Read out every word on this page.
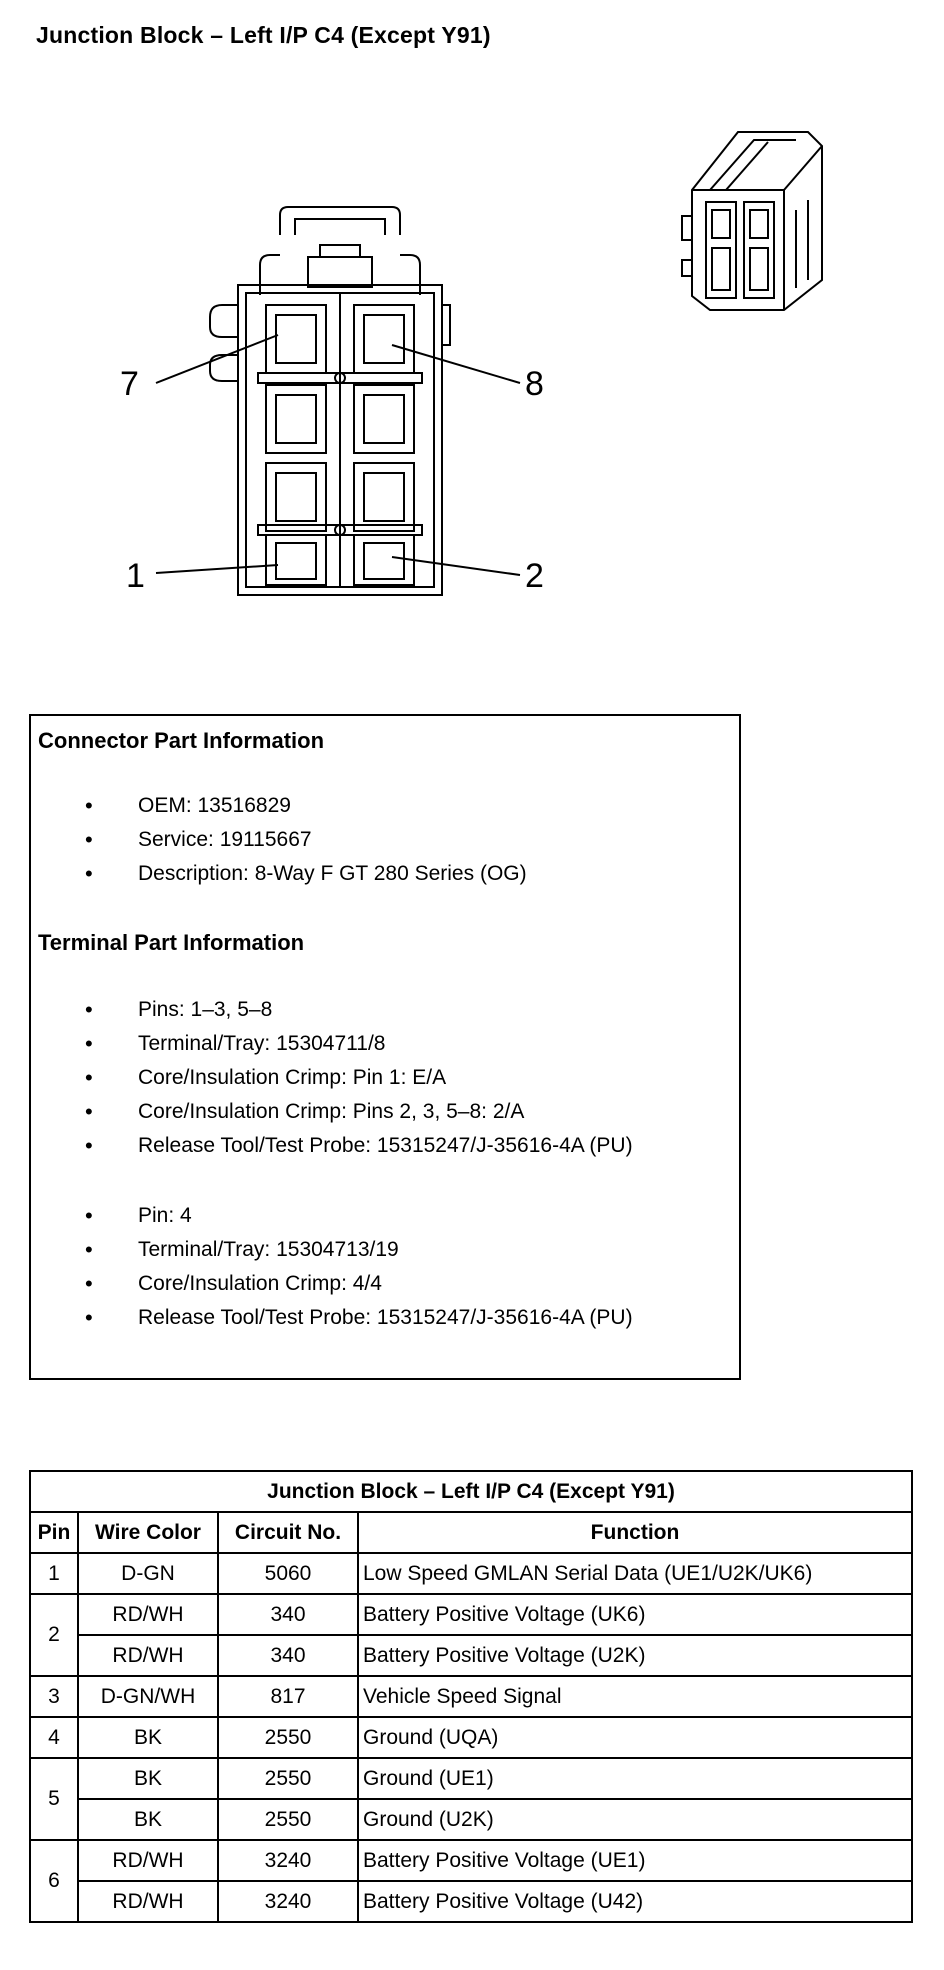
Junction Block – Left I/P C4 (Except Y91)
7	8
1	2
Connector Part Information
• OEM: 13516829
• Service: 19115667
• Description: 8-Way F GT 280 Series (OG)
Terminal Part Information
• Pins: 1–3, 5–8
• Terminal/Tray: 15304711/8
• Core/Insulation Crimp: Pin 1: E/A
• Core/Insulation Crimp: Pins 2, 3, 5–8: 2/A
• Release Tool/Test Probe: 15315247/J-35616-4A (PU)
• Pin: 4
• Terminal/Tray: 15304713/19
• Core/Insulation Crimp: 4/4
• Release Tool/Test Probe: 15315247/J-35616-4A (PU)
Junction Block – Left I/P C4 (Except Y91)			
Pin	Wire Color	Circuit No.	Function
1	D-GN	5060	Low Speed GMLAN Serial Data (UE1/U2K/UK6)
2	RD/WH	340	Battery Positive Voltage (UK6)
	RD/WH	340	Battery Positive Voltage (U2K)
3	D-GN/WH	817	Vehicle Speed Signal
4	BK	2550	Ground (UQA)
5	BK	2550	Ground (UE1)
	BK	2550	Ground (U2K)
6	RD/WH	3240	Battery Positive Voltage (UE1)
	RD/WH	3240	Battery Positive Voltage (U42)
